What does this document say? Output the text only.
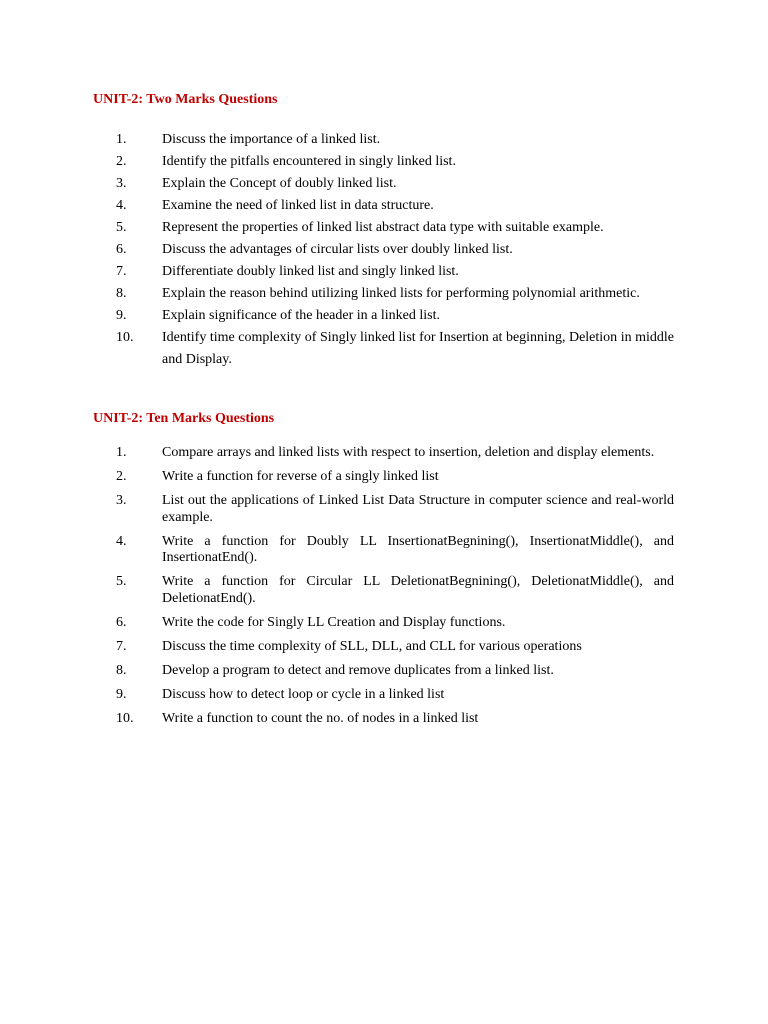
UNIT-2: Two Marks Questions
1.	Discuss the importance of a linked list.
2.	Identify the pitfalls encountered in singly linked list.
3.	Explain the Concept of doubly linked list.
4.	Examine the need of linked list in data structure.
5.	Represent the properties of linked list abstract data type with suitable example.
6.	Discuss the advantages of circular lists over doubly linked list.
7.	Differentiate doubly linked list and singly linked list.
8.	Explain the reason behind utilizing linked lists for performing polynomial arithmetic.
9.	Explain significance of the header in a linked list.
10. Identify time complexity of Singly linked list for Insertion at beginning, Deletion in middle and Display.
UNIT-2: Ten Marks Questions
1.	Compare arrays and linked lists with respect to insertion, deletion and display elements.
2.	Write a function for reverse of a singly linked list
3.	List out the applications of Linked List Data Structure in computer science and real-world example.
4.	Write a function for Doubly LL InsertionatBegnining(), InsertionatMiddle(), and InsertionatEnd().
5.	Write a function for Circular LL DeletionatBegnining(), DeletionatMiddle(), and DeletionatEnd().
6.	Write the code for Singly LL Creation and Display functions.
7.	Discuss the time complexity of SLL, DLL, and CLL for various operations
8.	Develop a program to detect and remove duplicates from a linked list.
9.	Discuss how to detect loop or cycle in a linked list
10. Write a function to count the no. of nodes in a linked list
